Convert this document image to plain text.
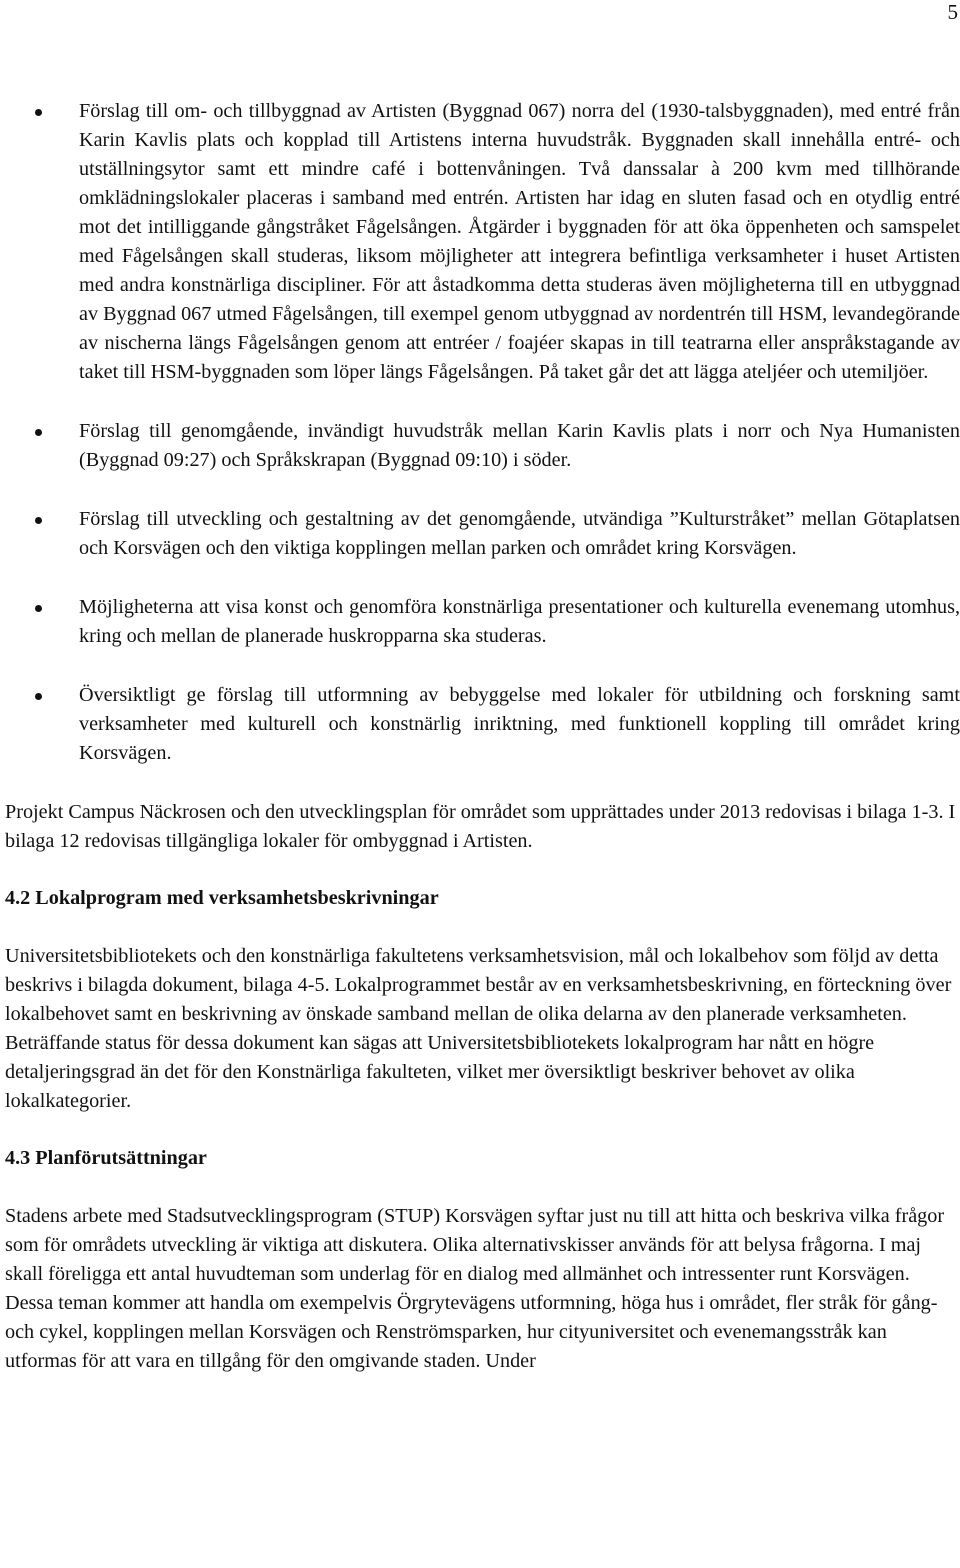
5
Förslag till om- och tillbyggnad av Artisten (Byggnad 067) norra del (1930-talsbyggnaden), med entré från Karin Kavlis plats och kopplad till Artistens interna huvudstråk. Byggnaden skall innehålla entré- och utställningsytor samt ett mindre café i bottenvåningen. Två danssalar à 200 kvm med tillhörande omklädningslokaler placeras i samband med entrén. Artisten har idag en sluten fasad och en otydlig entré mot det intilliggande gångstråket Fågelsången. Åtgärder i byggnaden för att öka öppenheten och samspelet med Fågelsången skall studeras, liksom möjligheter att integrera befintliga verksamheter i huset Artisten med andra konstnärliga discipliner. För att åstadkomma detta studeras även möjligheterna till en utbyggnad av Byggnad 067 utmed Fågelsången, till exempel genom utbyggnad av nordentrén till HSM, levandegörande av nischerna längs Fågelsången genom att entréer / foajéer skapas in till teatrarna eller anspråkstagande av taket till HSM-byggnaden som löper längs Fågelsången. På taket går det att lägga ateljéer och utemiljöer.
Förslag till genomgående, invändigt huvudstråk mellan Karin Kavlis plats i norr och Nya Humanisten (Byggnad 09:27) och Språkskrapan (Byggnad 09:10) i söder.
Förslag till utveckling och gestaltning av det genomgående, utvändiga ”Kulturstråket” mellan Götaplatsen och Korsvägen och den viktiga kopplingen mellan parken och området kring Korsvägen.
Möjligheterna att visa konst och genomföra konstnärliga presentationer och kulturella evenemang utomhus, kring och mellan de planerade huskropparna ska studeras.
Översiktligt ge förslag till utformning av bebyggelse med lokaler för utbildning och forskning samt verksamheter med kulturell och konstnärlig inriktning, med funktionell koppling till området kring Korsvägen.

Projekt Campus Näckrosen och den utvecklingsplan för området som upprättades under 2013 redovisas i bilaga 1-3. I bilaga 12 redovisas tillgängliga lokaler för ombyggnad i Artisten.

4.2 Lokalprogram med verksamhetsbeskrivningar

Universitetsbibliotekets och den konstnärliga fakultetens verksamhetsvision, mål och lokalbehov som följd av detta beskrivs i bilagda dokument, bilaga 4-5. Lokalprogrammet består av en verksamhetsbeskrivning, en förteckning över lokalbehovet samt en beskrivning av önskade samband mellan de olika delarna av den planerade verksamheten. Beträffande status för dessa dokument kan sägas att Universitetsbibliotekets lokalprogram har nått en högre detaljeringsgrad än det för den Konstnärliga fakulteten, vilket mer översiktligt beskriver behovet av olika lokalkategorier.

4.3 Planförutsättningar

Stadens arbete med Stadsutvecklingsprogram (STUP) Korsvägen syftar just nu till att hitta och beskriva vilka frågor som för områdets utveckling är viktiga att diskutera. Olika alternativskisser används för att belysa frågorna. I maj skall föreligga ett antal huvudteman som underlag för en dialog med allmänhet och intressenter runt Korsvägen. Dessa teman kommer att handla om exempelvis Örgrytevägens utformning, höga hus i området, fler stråk för gång- och cykel, kopplingen mellan Korsvägen och Renströmsparken, hur cityuniversitet och evenemangsstråk kan utformas för att vara en tillgång för den omgivande staden. Under
